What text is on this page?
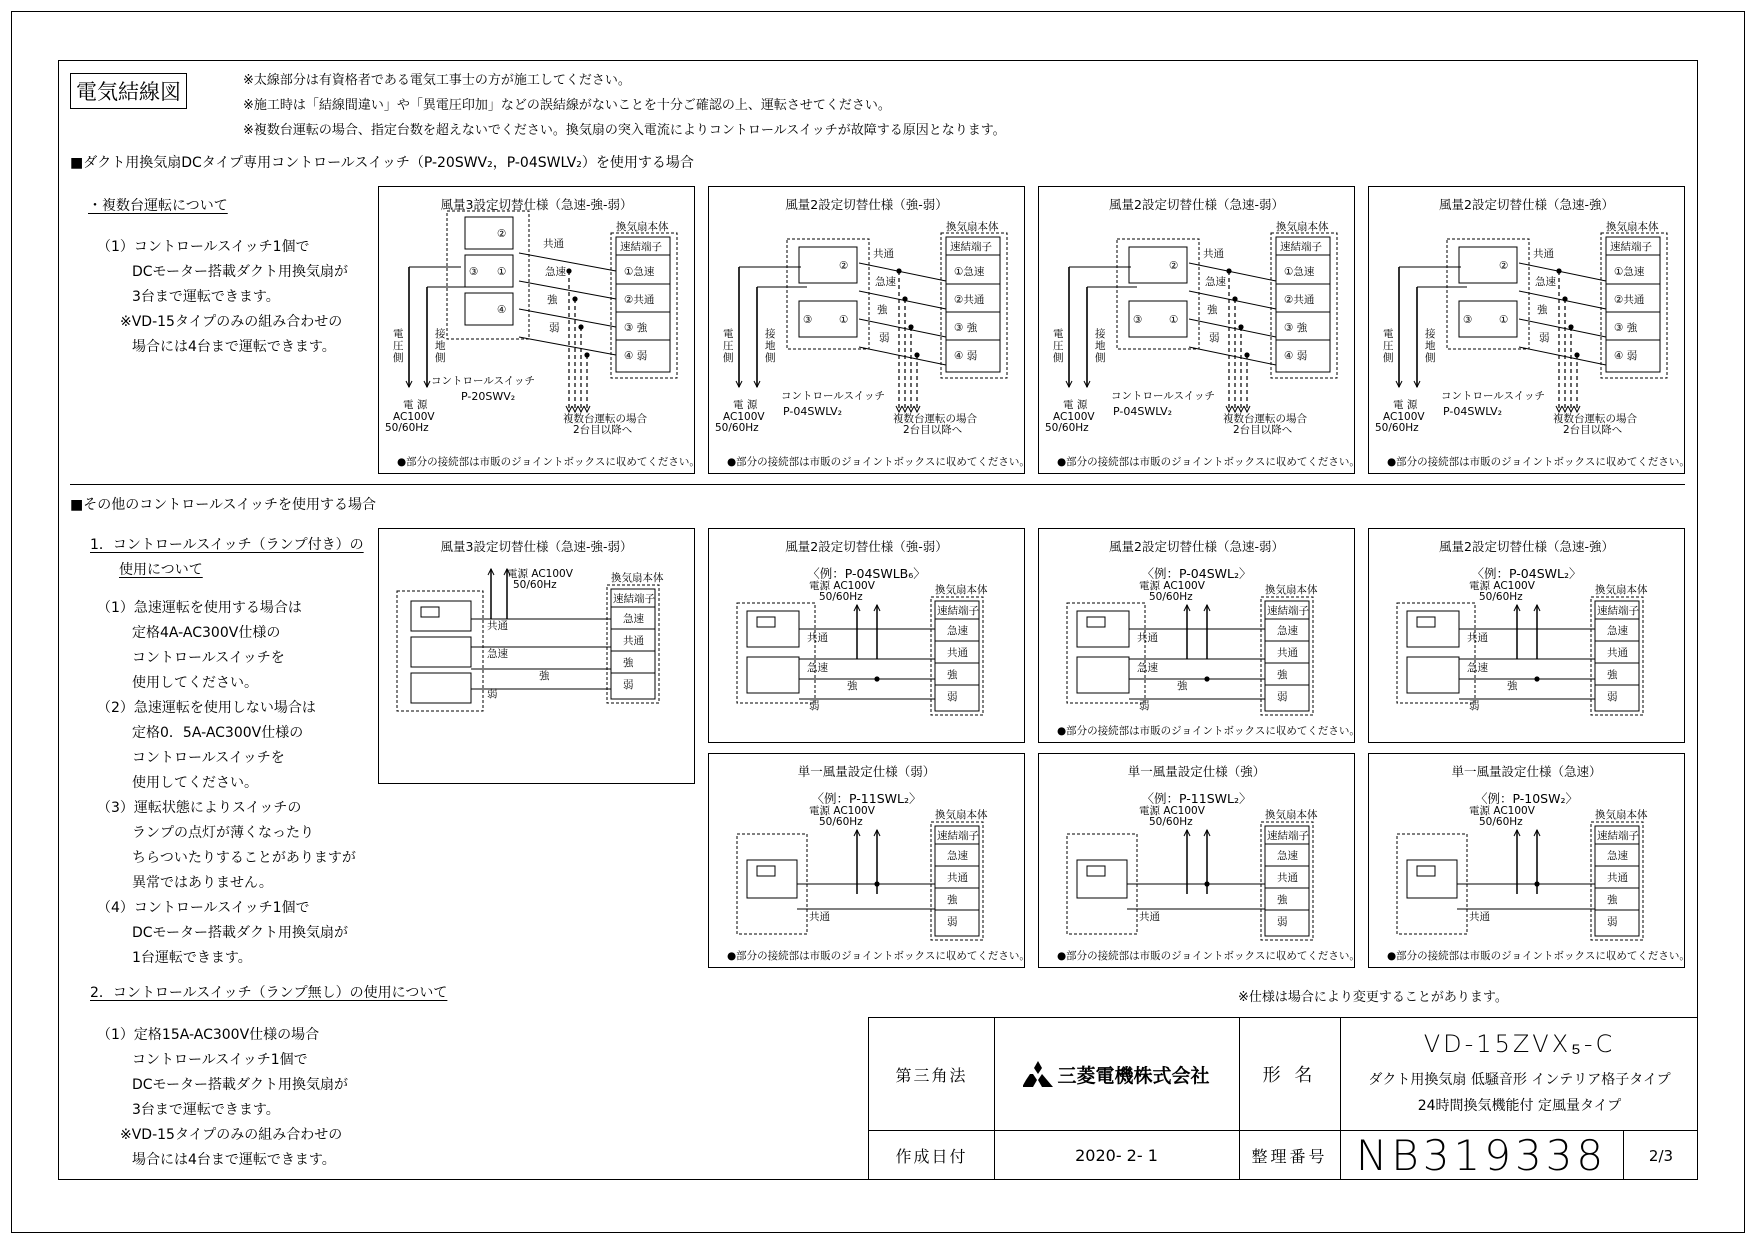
電気結線図	※太線部分は有資格者である電気工事士の方が施工してください。
※施工時は「結線間違い」や「異電圧印加」などの誤結線がないことを十分ご確認の上、運転させてください。
※複数台運転の場合、指定台数を超えないでください。換気扇の突入電流によりコントロールスイッチが故障する原因となります。
■ダクト用換気扇DCタイプ専用コントロールスイッチ（P-20SWV₂，P-04SWLV₂）を使用する場合
・複数台運転について
（1）コントロールスイッチ1個で
DCモーター搭載ダクト用換気扇が
3台まで運転できます。
※VD-15タイプのみの組み合わせの
場合には4台まで運転できます。
風量3設定切替仕様（急速-強-弱）
換気扇本体
速結端子
①急速
②共通
③ 強
④ 弱
②
③ ①
④
共通
急速
強
弱
電
圧
側
接
地
側
電 源
AC100V
50/60Hz
複数台運転の場合
2台目以降へ
コントロールスイッチ
P-20SWV₂
●部分の接続部は市販のジョイントボックスに収めてください。
風量2設定切替仕様（強-弱）
換気扇本体
速結端子
①急速
②共通
③ 強
④ 弱
②
③	①
共通
急速
強
弱
電
圧
側
接
地
側
電 源
AC100V
50/60Hz
複数台運転の場合
2台目以降へ
コントロールスイッチ
P-04SWLV₂
●部分の接続部は市販のジョイントボックスに収めてください。
風量2設定切替仕様（急速-弱）
換気扇本体
速結端子
①急速
②共通
③ 強
④ 弱
②
③	①
共通
急速
強
弱
電
圧
側
接
地
側
電 源
AC100V
50/60Hz
複数台運転の場合
2台目以降へ
コントロールスイッチ
P-04SWLV₂
●部分の接続部は市販のジョイントボックスに収めてください。
風量2設定切替仕様（急速-強）
換気扇本体
速結端子
①急速
②共通
③ 強
④ 弱
②
③	①
共通
急速
強
弱
電
圧
側
接
地
側
電 源
AC100V
50/60Hz
複数台運転の場合
2台目以降へ
コントロールスイッチ
P-04SWLV₂
●部分の接続部は市販のジョイントボックスに収めてください。
■その他のコントロールスイッチを使用する場合
1．コントロールスイッチ（ランプ付き）の
使用について
（1）急速運転を使用する場合は
定格4A-AC300V仕様の
コントロールスイッチを
使用してください。
（2）急速運転を使用しない場合は
定格0．5A-AC300V仕様の
コントロールスイッチを
使用してください。
（3）運転状態によりスイッチの
ランプの点灯が薄くなったり
ちらついたりすることがありますが
異常ではありません。
（4）コントロールスイッチ1個で
DCモーター搭載ダクト用換気扇が
1台運転できます。
2．コントロールスイッチ（ランプ無し）の使用について
（1）定格15A-AC300V仕様の場合
コントロールスイッチ1個で
DCモーター搭載ダクト用換気扇が
3台まで運転できます。
※VD-15タイプのみの組み合わせの
場合には4台まで運転できます。
風量3設定切替仕様（急速-強-弱）
換気扇本体
速結端子
急速
共通
強
弱
電源 AC100V
50/60Hz
共通
急速
強
弱
風量2設定切替仕様（強-弱）
〈例：P-04SWLB₆〉
換気扇本体
速結端子
急速
共通
強
弱
電源 AC100V
50/60Hz
共通
急速
強
弱
風量2設定切替仕様（急速-弱）
〈例：P-04SWL₂〉
換気扇本体
速結端子
急速
共通
強
弱
電源 AC100V
50/60Hz
共通
急速
強
弱
●部分の接続部は市販のジョイントボックスに収めてください。
風量2設定切替仕様（急速-強）
〈例：P-04SWL₂〉
換気扇本体
速結端子
急速
共通
強
弱
電源 AC100V
50/60Hz
共通
急速
強
弱
単一風量設定仕様（弱）
〈例：P-11SWL₂〉
換気扇本体
速結端子
急速
共通
強
弱
電源 AC100V
50/60Hz
共通
●部分の接続部は市販のジョイントボックスに収めてください。
単一風量設定仕様（強）
〈例：P-11SWL₂〉
換気扇本体
速結端子
急速
共通
強
弱
電源 AC100V
50/60Hz
共通
●部分の接続部は市販のジョイントボックスに収めてください。
単一風量設定仕様（急速）
〈例：P-10SW₂〉
換気扇本体
速結端子
急速
共通
強
弱
電源 AC100V
50/60Hz
共通
●部分の接続部は市販のジョイントボックスに収めてください。
※仕様は場合により変更することがあります。
第三角法	三菱電機株式会社	形 名
VD-15ZVX₅-C
ダクト用換気扇 低騒音形 インテリア格子タイプ
24時間換気機能付 定風量タイプ
作成日付	2020- 2- 1	整理番号 NB319338	2/3
